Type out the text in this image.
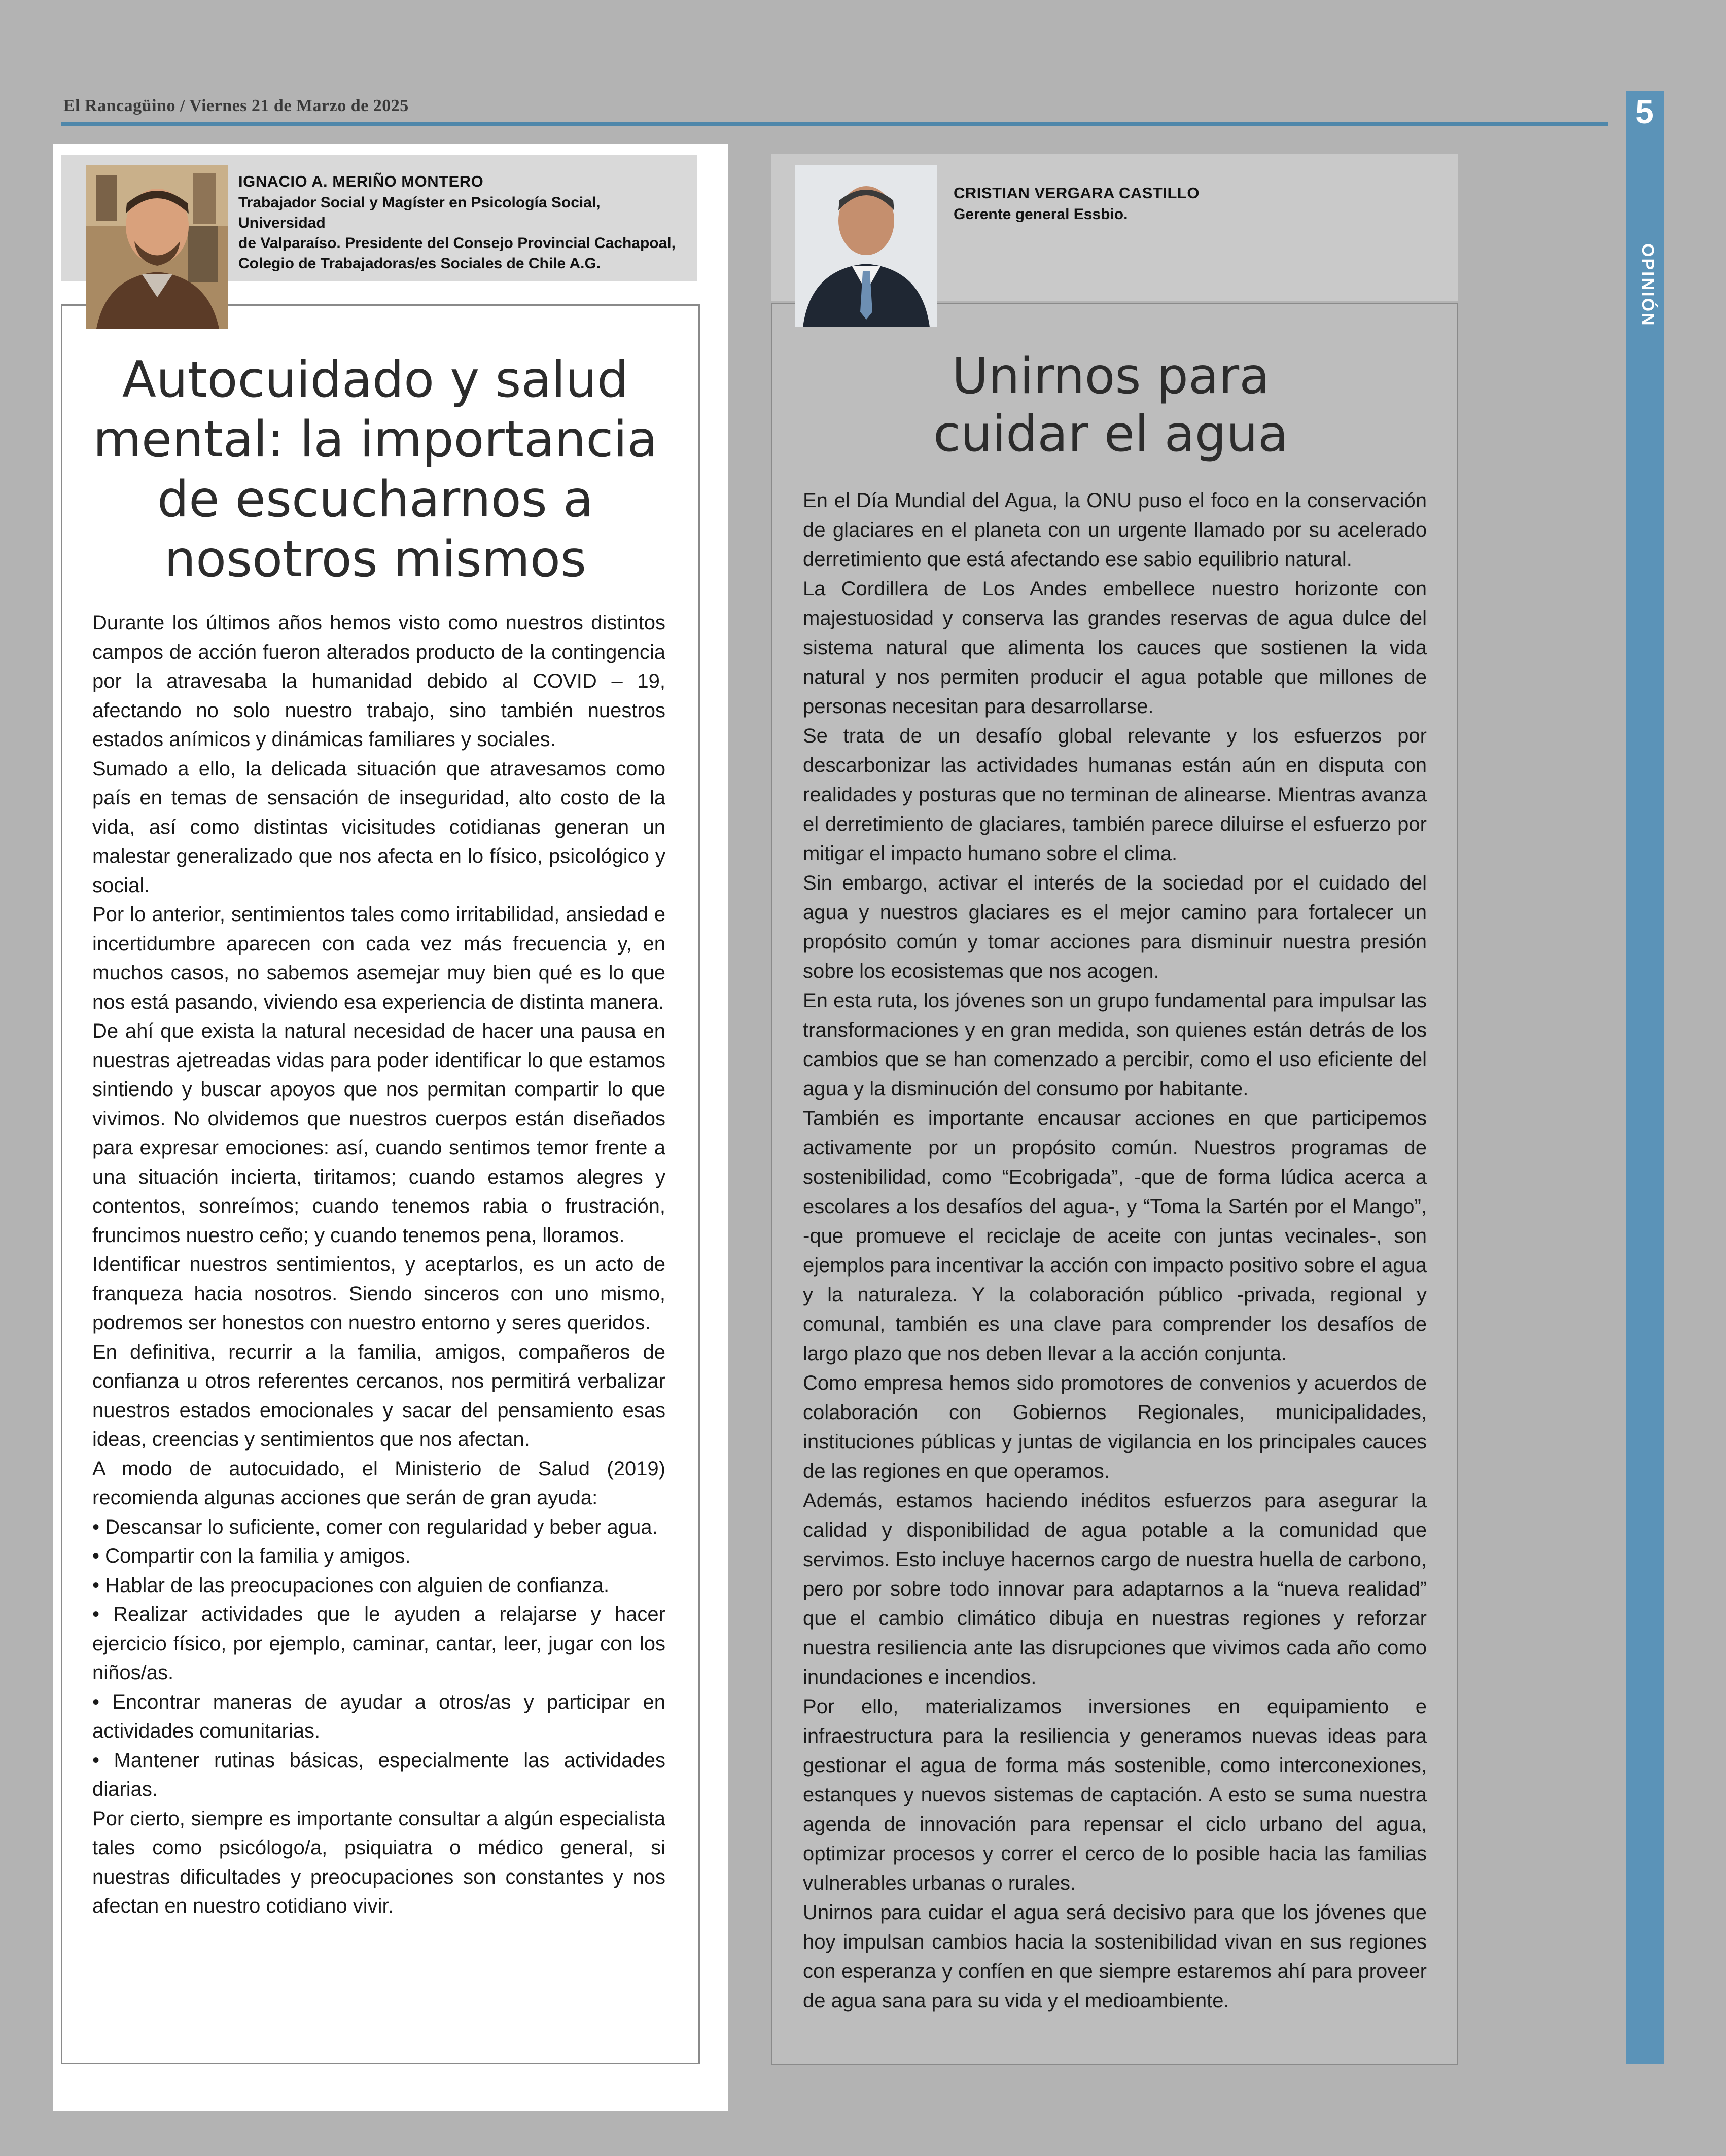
El Rancagüino / Viernes 21 de Marzo de 2025	5
OPINIÓN
IGNACIO A. MERIÑO MONTERO
Trabajador Social y Magíster en Psicología Social, Universidad
de Valparaíso. Presidente del Consejo Provincial Cachapoal,
Colegio de Trabajadoras/es Sociales de Chile A.G.
Autocuidado y salud
mental: la importancia
de escucharnos a
nosotros mismos

Durante los últimos años hemos visto como nuestros distintos campos de acción fueron alterados producto de la contingencia por la atravesaba la humanidad debido al COVID – 19, afectando no solo nuestro trabajo, sino también nuestros estados anímicos y dinámicas familiares y sociales.

Sumado a ello, la delicada situación que atravesamos como país en temas de sensación de inseguridad, alto costo de la vida, así como distintas vicisitudes cotidianas generan un malestar generalizado que nos afecta en lo físico, psicológico y social.

Por lo anterior, sentimientos tales como irritabilidad, ansiedad e incertidumbre aparecen con cada vez más frecuencia y, en muchos casos, no sabemos asemejar muy bien qué es lo que nos está pasando, viviendo esa experiencia de distinta manera.

De ahí que exista la natural necesidad de hacer una pausa en nuestras ajetreadas vidas para poder identificar lo que estamos sintiendo y buscar apoyos que nos permitan compartir lo que vivimos. No olvidemos que nuestros cuerpos están diseñados para expresar emociones: así, cuando sentimos temor frente a una situación incierta, tiritamos; cuando estamos alegres y contentos, sonreímos; cuando tenemos rabia o frustración, fruncimos nuestro ceño; y cuando tenemos pena, lloramos.

Identificar nuestros sentimientos, y aceptarlos, es un acto de franqueza hacia nosotros. Siendo sinceros con uno mismo, podremos ser honestos con nuestro entorno y seres queridos.

En definitiva, recurrir a la familia, amigos, compañeros de confianza u otros referentes cercanos, nos permitirá verbalizar nuestros estados emocionales y sacar del pensamiento esas ideas, creencias y sentimientos que nos afectan.

A modo de autocuidado, el Ministerio de Salud (2019) recomienda algunas acciones que serán de gran ayuda:

• Descansar lo suficiente, comer con regularidad y beber agua.

• Compartir con la familia y amigos.

• Hablar de las preocupaciones con alguien de confianza.

• Realizar actividades que le ayuden a relajarse y hacer ejercicio físico, por ejemplo, caminar, cantar, leer, jugar con los niños/as.

• Encontrar maneras de ayudar a otros/as y participar en actividades comunitarias.

• Mantener rutinas básicas, especialmente las actividades diarias.

Por cierto, siempre es importante consultar a algún especialista tales como psicólogo/a, psiquiatra o médico general, si nuestras dificultades y preocupaciones son constantes y nos afectan en nuestro cotidiano vivir.

CRISTIAN VERGARA CASTILLO
Gerente general Essbio.
Unirnos para
cuidar el agua

En el Día Mundial del Agua, la ONU puso el foco en la conservación de glaciares en el planeta con un urgente llamado por su acelerado derretimiento que está afectando ese sabio equilibrio natural.

La Cordillera de Los Andes embellece nuestro horizonte con majestuosidad y conserva las grandes reservas de agua dulce del sistema natural que alimenta los cauces que sostienen la vida natural y nos permiten producir el agua potable que millones de personas necesitan para desarrollarse.

Se trata de un desafío global relevante y los esfuerzos por descarbonizar las actividades humanas están aún en disputa con realidades y posturas que no terminan de alinearse. Mientras avanza el derretimiento de glaciares, también parece diluirse el esfuerzo por mitigar el impacto humano sobre el clima.

Sin embargo, activar el interés de la sociedad por el cuidado del agua y nuestros glaciares es el mejor camino para fortalecer un propósito común y tomar acciones para disminuir nuestra presión sobre los ecosistemas que nos acogen.

En esta ruta, los jóvenes son un grupo fundamental para impulsar las transformaciones y en gran medida, son quienes están detrás de los cambios que se han comenzado a percibir, como el uso eficiente del agua y la disminución del consumo por habitante.

También es importante encausar acciones en que participemos activamente por un propósito común. Nuestros programas de sostenibilidad, como “Ecobrigada”, -que de forma lúdica acerca a escolares a los desafíos del agua-, y “Toma la Sartén por el Mango”, -que promueve el reciclaje de aceite con juntas vecinales-, son ejemplos para incentivar la acción con impacto positivo sobre el agua y la naturaleza. Y la colaboración público -privada, regional y comunal, también es una clave para comprender los desafíos de largo plazo que nos deben llevar a la acción conjunta.

Como empresa hemos sido promotores de convenios y acuerdos de colaboración con Gobiernos Regionales, municipalidades, instituciones públicas y juntas de vigilancia en los principales cauces de las regiones en que operamos.

Además, estamos haciendo inéditos esfuerzos para asegurar la calidad y disponibilidad de agua potable a la comunidad que servimos. Esto incluye hacernos cargo de nuestra huella de carbono, pero por sobre todo innovar para adaptarnos a la “nueva realidad” que el cambio climático dibuja en nuestras regiones y reforzar nuestra resiliencia ante las disrupciones que vivimos cada año como inundaciones e incendios.

Por ello, materializamos inversiones en equipamiento e infraestructura para la resiliencia y generamos nuevas ideas para gestionar el agua de forma más sostenible, como interconexiones, estanques y nuevos sistemas de captación. A esto se suma nuestra agenda de innovación para repensar el ciclo urbano del agua, optimizar procesos y correr el cerco de lo posible hacia las familias vulnerables urbanas o rurales.

Unirnos para cuidar el agua será decisivo para que los jóvenes que hoy impulsan cambios hacia la sostenibilidad vivan en sus regiones con esperanza y confíen en que siempre estaremos ahí para proveer de agua sana para su vida y el medioambiente.
